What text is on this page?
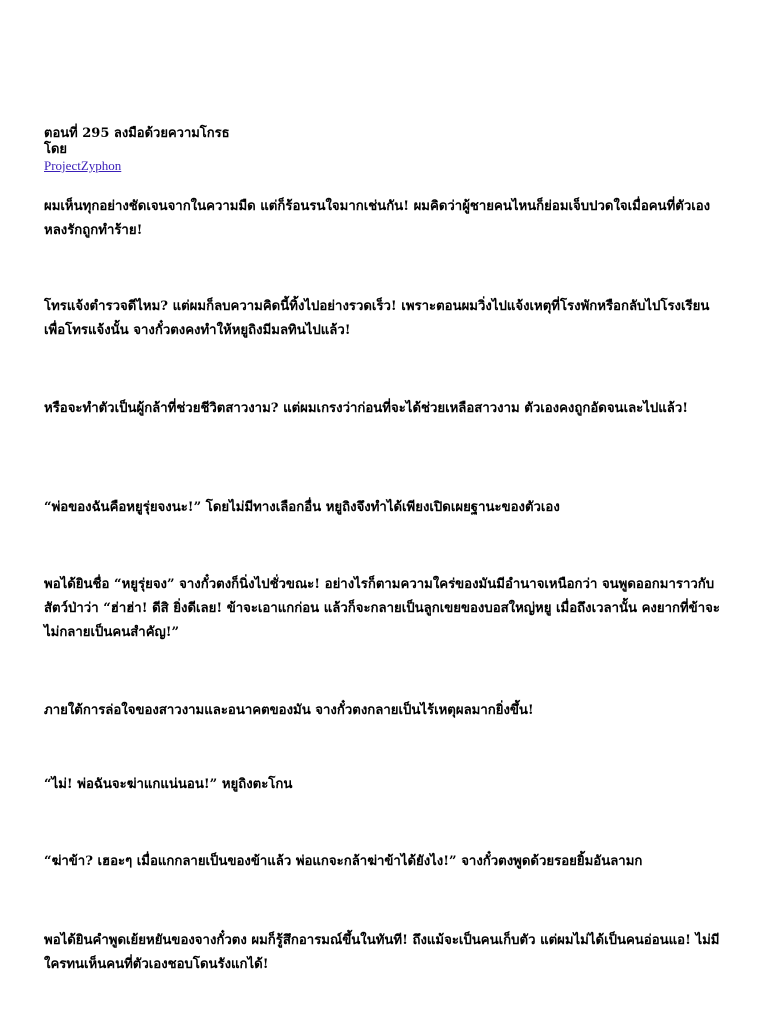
ตอนที่ 295 ลงมือด้วยความโกรธ
โดย
ProjectZyphon

ผมเห็นทุกอย่างชัดเจนจากในความมืด แต่ก็ร้อนรนใจมากเช่นกัน! ผมคิดว่าผู้ชายคนไหนก็ย่อมเจ็บปวดใจเมื่อคนที่ตัวเองหลงรักถูกทำร้าย!

โทรแจ้งตำรวจดีไหม? แต่ผมก็ลบความคิดนี้ทิ้งไปอย่างรวดเร็ว! เพราะตอนผมวิ่งไปแจ้งเหตุที่โรงพักหรือกลับไปโรงเรียนเพื่อโทรแจ้งนั้น จางกั๋วตงคงทำให้หยูถิงมีมลทินไปแล้ว!

หรือจะทำตัวเป็นผู้กล้าที่ช่วยชีวิตสาวงาม? แต่ผมเกรงว่าก่อนที่จะได้ช่วยเหลือสาวงาม ตัวเองคงถูกอัดจนเละไปแล้ว!

“พ่อของฉันคือหยูรุ่ยจงนะ!” โดยไม่มีทางเลือกอื่น หยูถิงจึงทำได้เพียงเปิดเผยฐานะของตัวเอง

พอได้ยินชื่อ “หยูรุ่ยจง” จางกั๋วตงก็นิ่งไปชั่วขณะ! อย่างไรก็ตามความใคร่ของมันมีอำนาจเหนือกว่า จนพูดออกมาราวกับสัตว์ป่าว่า “ฮ่าฮ่า! ดีสิ ยิ่งดีเลย! ข้าจะเอาแกก่อน แล้วก็จะกลายเป็นลูกเขยของบอสใหญ่หยู เมื่อถึงเวลานั้น คงยากที่ข้าจะไม่กลายเป็นคนสำคัญ!”

ภายใต้การล่อใจของสาวงามและอนาคตของมัน จางกั๋วตงกลายเป็นไร้เหตุผลมากยิ่งขึ้น!

“ไม่! พ่อฉันจะฆ่าแกแน่นอน!” หยูถิงตะโกน

“ฆ่าข้า? เฮอะๆ เมื่อแกกลายเป็นของข้าแล้ว พ่อแกจะกล้าฆ่าข้าได้ยังไง!” จางกั๋วตงพูดด้วยรอยยิ้มอันลามก

พอได้ยินคำพูดเย้ยหยันของจางกั๋วตง ผมก็รู้สึกอารมณ์ขึ้นในทันที! ถึงแม้จะเป็นคนเก็บตัว แต่ผมไม่ได้เป็นคนอ่อนแอ! ไม่มีใครทนเห็นคนที่ตัวเองชอบโดนรังแกได้!
